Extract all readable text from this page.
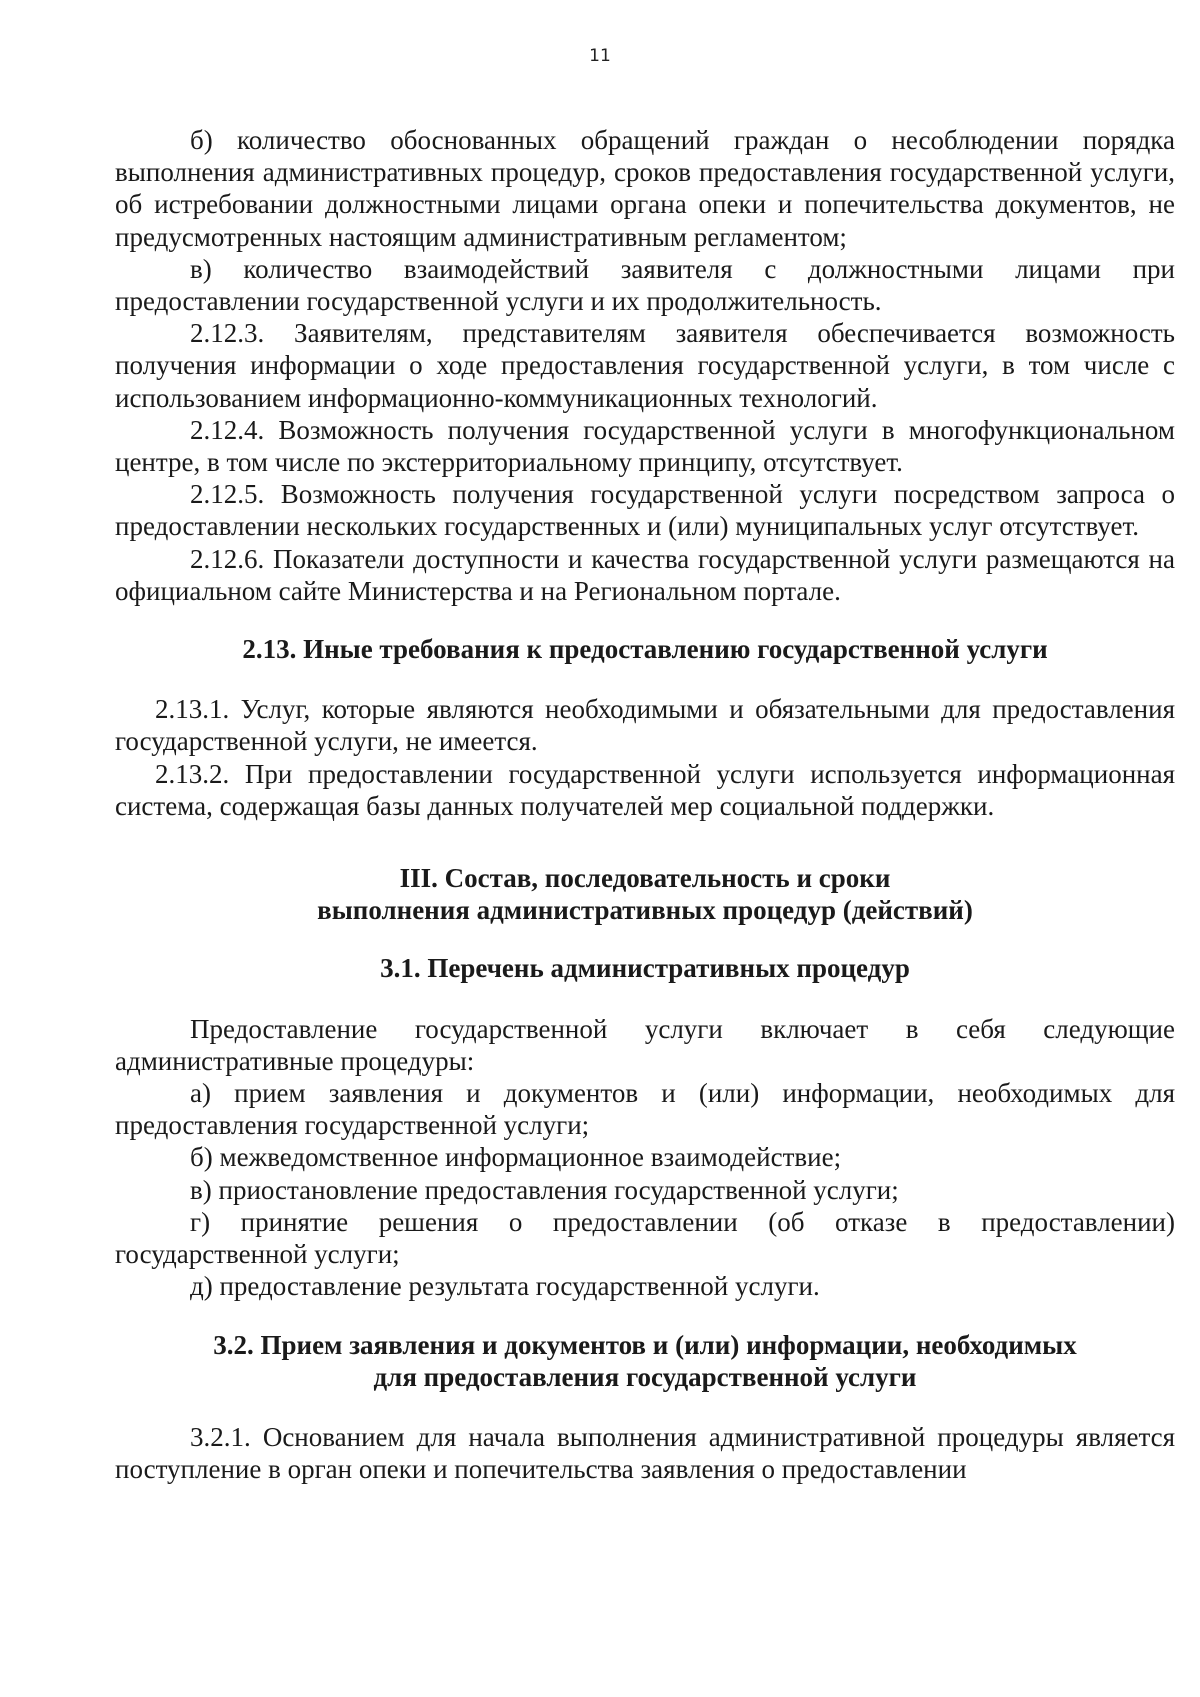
11

б) количество обоснованных обращений граждан о несоблюдении порядка выполнения административных процедур, сроков предоставления государственной услуги, об истребовании должностными лицами органа опеки и попечительства документов, не предусмотренных настоящим административным регламентом;

в) количество взаимодействий заявителя с должностными лицами при предоставлении государственной услуги и их продолжительность.

2.12.3. Заявителям, представителям заявителя обеспечивается возможность получения информации о ходе предоставления государственной услуги, в том числе с использованием информационно-коммуникационных технологий.

2.12.4. Возможность получения государственной услуги в многофункциональном центре, в том числе по экстерриториальному принципу, отсутствует.

2.12.5. Возможность получения государственной услуги посредством запроса о предоставлении нескольких государственных и (или) муниципальных услуг отсутствует.

2.12.6. Показатели доступности и качества государственной услуги размещаются на официальном сайте Министерства и на Региональном портале.

2.13. Иные требования к предоставлению государственной услуги

2.13.1. Услуг, которые являются необходимыми и обязательными для предоставления государственной услуги, не имеется.

2.13.2. При предоставлении государственной услуги используется информационная система, содержащая базы данных получателей мер социальной поддержки.

III. Состав, последовательность и сроки
выполнения административных процедур (действий)
3.1. Перечень административных процедур

Предоставление государственной услуги включает в себя следующие административные процедуры:

а) прием заявления и документов и (или) информации, необходимых для предоставления государственной услуги;

б) межведомственное информационное взаимодействие;

в) приостановление предоставления государственной услуги;

г) принятие решения о предоставлении (об отказе в предоставлении) государственной услуги;

д) предоставление результата государственной услуги.

3.2. Прием заявления и документов и (или) информации, необходимых
для предоставления государственной услуги

3.2.1. Основанием для начала выполнения административной процедуры является поступление в орган опеки и попечительства заявления о предоставлении
